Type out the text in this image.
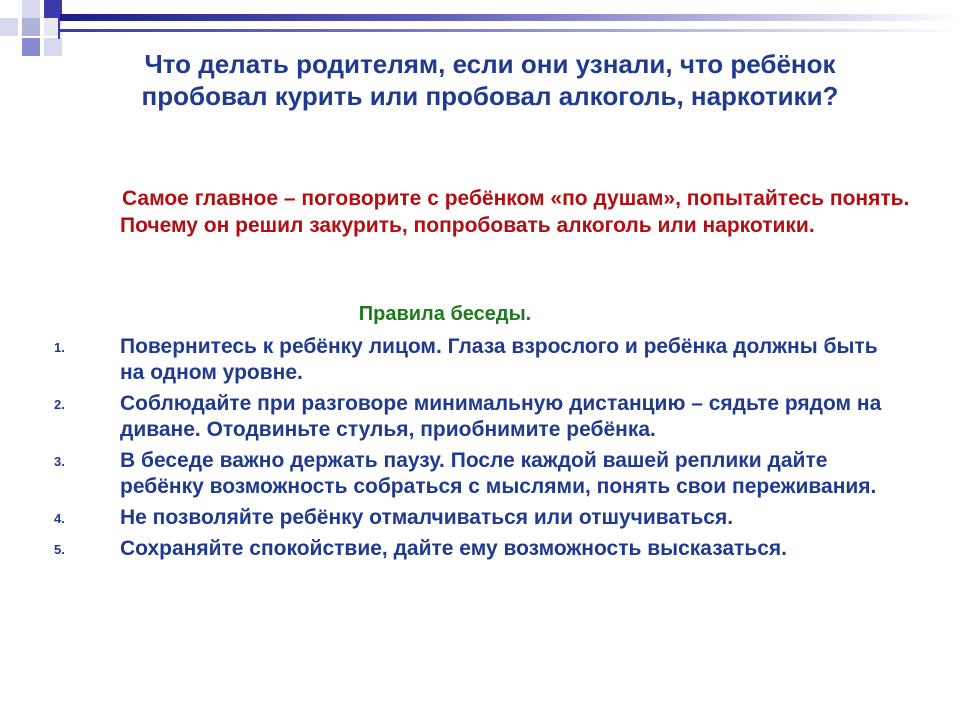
Что делать родителям, если они узнали, что ребёнок пробовал курить или пробовал алкоголь, наркотики?

Самое главное – поговорите с ребёнком «по душам», попытайтесь понять. Почему он решил закурить, попробовать алкоголь или наркотики.

Правила беседы.

1.	Повернитесь к ребёнку лицом. Глаза взрослого и ребёнка должны быть на одном уровне.
2.	Соблюдайте при разговоре минимальную дистанцию – сядьте рядом на диване. Отодвиньте стулья, приобнимите ребёнка.
3.	В беседе важно держать паузу. После каждой вашей реплики дайте ребёнку возможность собраться с мыслями, понять свои переживания.
4.	Не позволяйте ребёнку отмалчиваться или отшучиваться.
5.	Сохраняйте спокойствие, дайте ему возможность высказаться.
